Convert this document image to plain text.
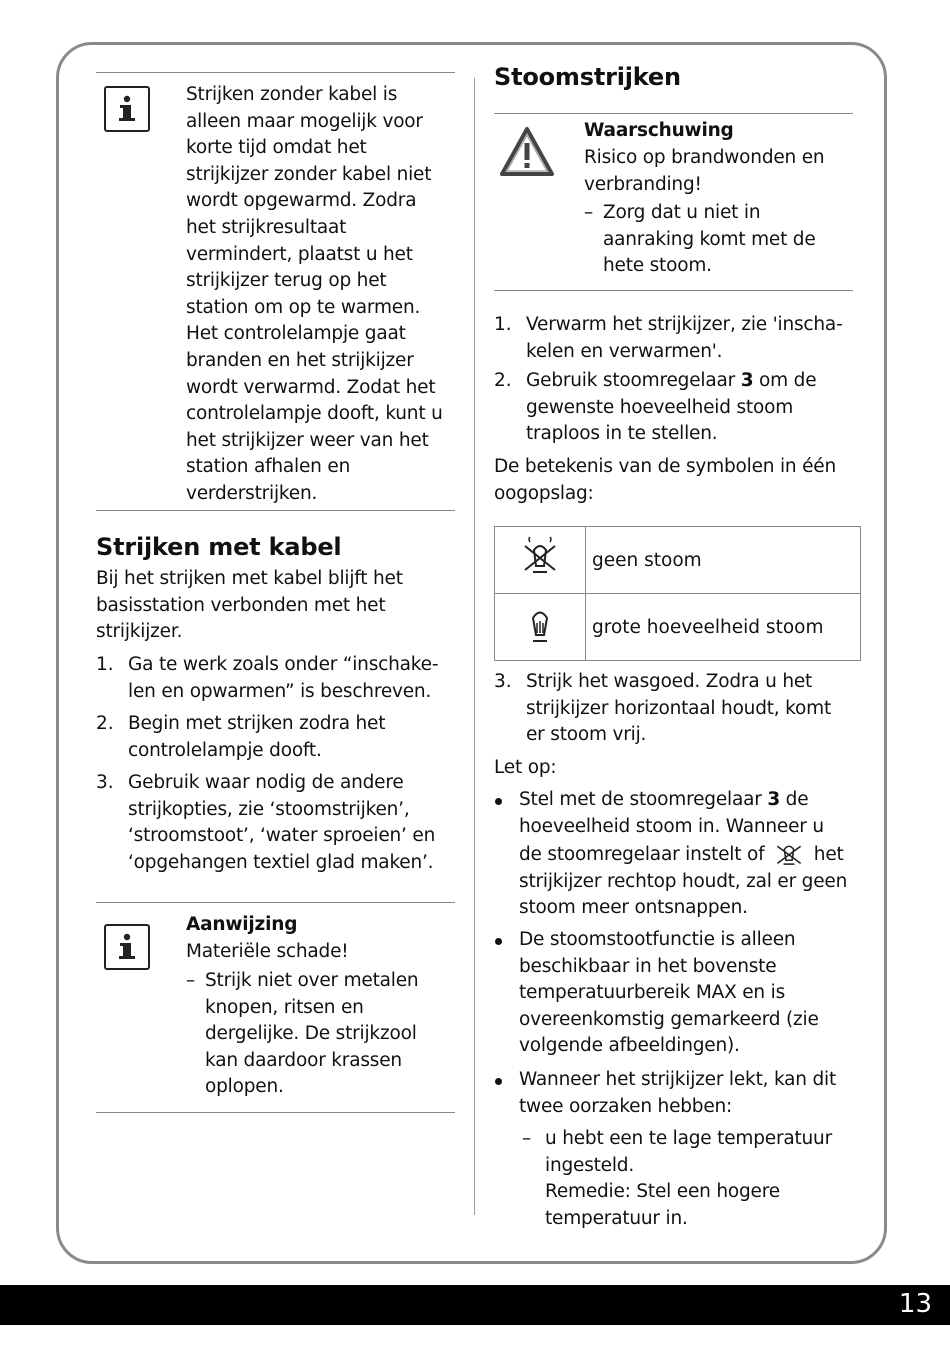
Strijken zonder kabel is
alleen maar mogelijk voor
korte tijd omdat het
strijkijzer zonder kabel niet
wordt opgewarmd. Zodra
het strijkresultaat
vermindert, plaatst u het
strijkijzer terug op het
station om op te warmen.
Het controlelampje gaat
branden en het strijkijzer
wordt verwarmd. Zodat het
controlelampje dooft, kunt u
het strijkijzer weer van het
station afhalen en
verderstrijken.
Strijken met kabel
Bij het strijken met kabel blijft het
basisstation verbonden met het
strijkijzer.
1. Ga te werk zoals onder “inschake-
len en opwarmen” is beschreven.
2. Begin met strijken zodra het
controlelampje dooft.
3. Gebruik waar nodig de andere
strijkopties, zie ‘stoomstrijken’,
‘stroomstoot’, ‘water sproeien’ en
‘opgehangen textiel glad maken’.
Aanwijzing
Materiële schade!
– Strijk niet over metalen
knopen, ritsen en
dergelijke. De strijkzool
kan daardoor krassen
oplopen.
Stoomstrijken
Waarschuwing
Risico op brandwonden en
verbranding!
– Zorg dat u niet in
aanraking komt met de
hete stoom.
1. Verwarm het strijkijzer, zie 'inscha-
kelen en verwarmen'.
2. Gebruik stoomregelaar 3 om de
gewenste hoeveelheid stoom
traploos in te stellen.
De betekenis van de symbolen in één
oogopslag:
	geen stoom
	grote hoeveelheid stoom
3. Strijk het wasgoed. Zodra u het
strijkijzer horizontaal houdt, komt
er stoom vrij.
Let op:
Stel met de stoomregelaar 3 de
hoeveelheid stoom in. Wanneer u
de stoomregelaar instelt of	het
strijkijzer rechtop houdt, zal er geen
stoom meer ontsnappen.
De stoomstootfunctie is alleen
beschikbaar in het bovenste
temperatuurbereik MAX en is
overeenkomstig gemarkeerd (zie
volgende afbeeldingen).
Wanneer het strijkijzer lekt, kan dit
twee oorzaken hebben:
– u hebt een te lage temperatuur
ingesteld.
Remedie: Stel een hogere
temperatuur in.
13
